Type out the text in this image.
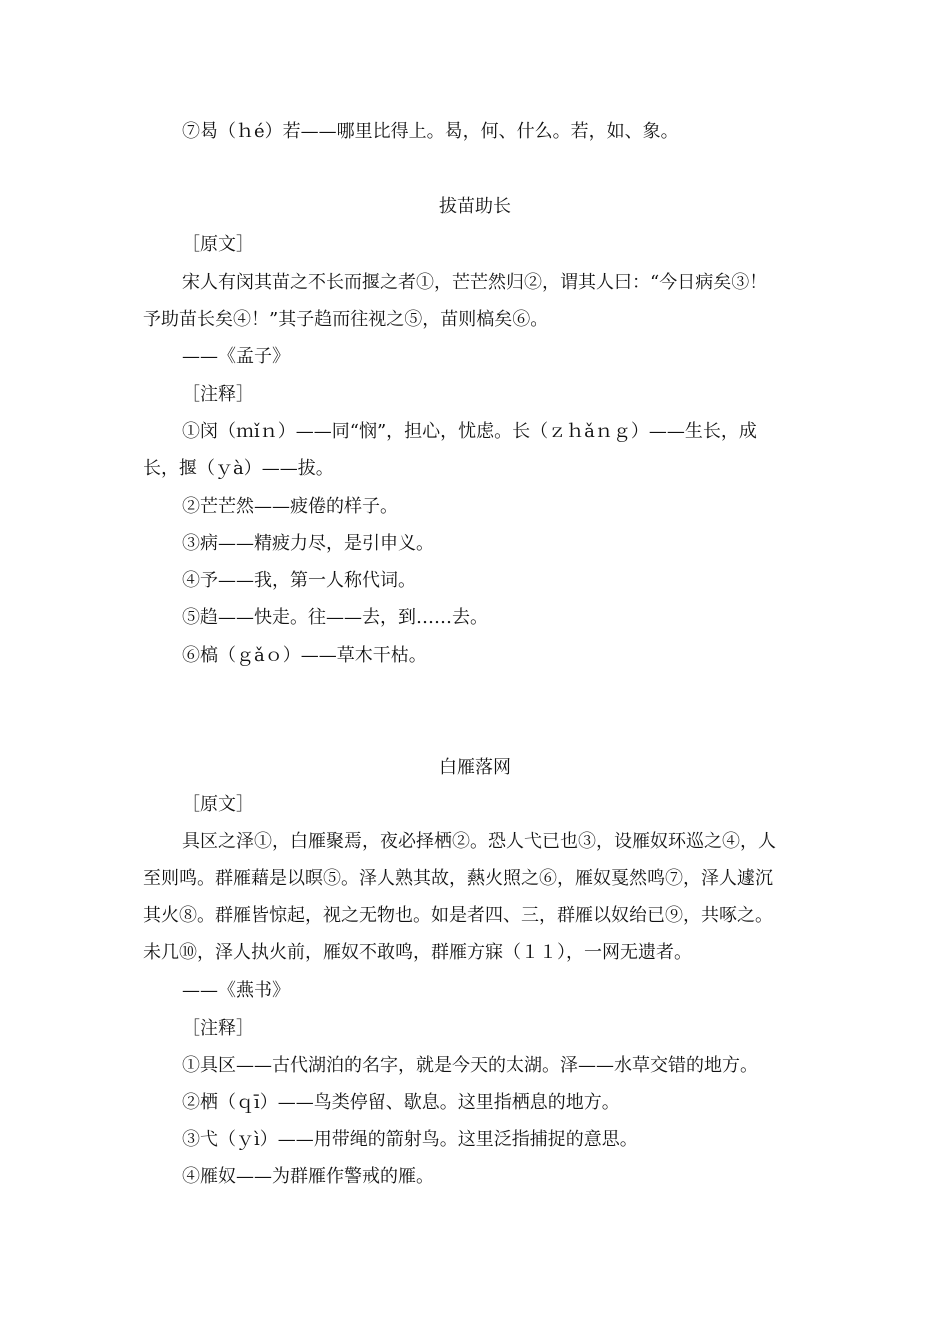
⑦曷（ｈé）若——哪里比得上。曷，何、什么。若，如、象。
拔苗助长
［原文］
宋人有闵其苗之不长而揠之者①，芒芒然归②，谓其人曰：“今日病矣③！
予助苗长矣④！”其子趋而往视之⑤，苗则槁矣⑥。
——《孟子》
［注释］
①闵（ｍǐｎ）——同“悯”，担心，忧虑。长（ｚｈǎｎｇ）——生长，成
长，揠（ｙà）——拔。
②芒芒然——疲倦的样子。
③病——精疲力尽，是引申义。
④予——我，第一人称代词。
⑤趋——快走。往——去，到……去。
⑥槁（ｇǎｏ）——草木干枯。
白雁落网
［原文］
具区之泽①，白雁聚焉，夜必择栖②。恐人弋已也③，设雁奴环巡之④，人
至则鸣。群雁藉是以暝⑤。泽人熟其故，爇火照之⑥，雁奴戛然鸣⑦，泽人遽沉
其火⑧。群雁皆惊起，视之无物也。如是者四、三，群雁以奴绐已⑨，共啄之。
未几⑩，泽人执火前，雁奴不敢鸣，群雁方寐（１１），一网无遗者。
——《燕书》
［注释］
①具区——古代湖泊的名字，就是今天的太湖。泽——水草交错的地方。
②栖（ｑī）——鸟类停留、歇息。这里指栖息的地方。
③弋（ｙì）——用带绳的箭射鸟。这里泛指捕捉的意思。
④雁奴——为群雁作警戒的雁。
